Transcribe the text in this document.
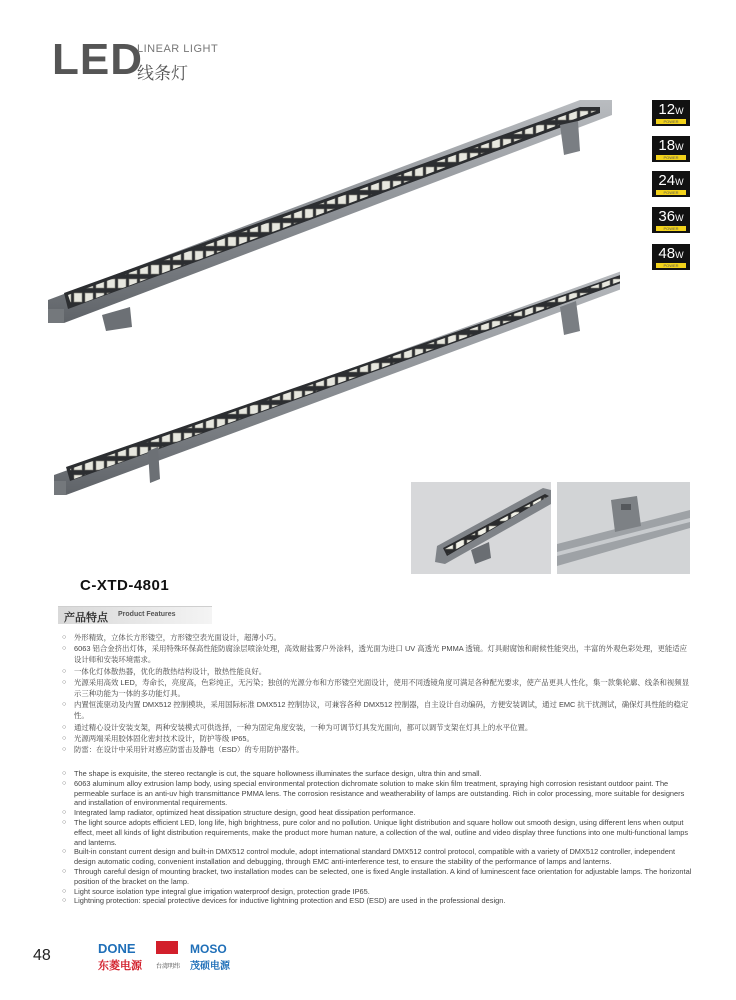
LED
LINEAR LIGHT
线条灯
12W
POWER
18W
POWER
24W
POWER
36W
POWER
48W
POWER
C-XTD-4801
产品特点 Product Features
○ 外形精致，立体长方形镂空，方形镂空表光面设计，超薄小巧。
○ 6063 铝合金挤出灯体，采用特殊环保高性能防腐涂层喷涂处理，高效耐盐雾户外涂料，透光面为进口 UV 高透光 PMMA 透镜。灯具耐腐蚀和耐候性能突出，丰富的外观色彩处理，更能适应设计师和安装环境需求。
○ 一体化灯体散热器，优化的散热结构设计，散热性能良好。
○ 光源采用高效 LED，寿命长，亮度高，色彩纯正，无污染；独创的光源分布和方形镂空光面设计，使用不同透镜角度可满足各种配光要求，使产品更具人性化，集一款集轮廓、线条和视频显示三种功能为一体的多功能灯具。
○ 内置恒流驱动及内置 DMX512 控制模块，采用国际标准 DMX512 控制协议，可兼容各种 DMX512 控制器，自主设计自动编码，方便安装调试，通过 EMC 抗干扰测试，确保灯具性能的稳定性。
○ 通过精心设计安装支架，两种安装模式可供选择，一种为固定角度安装，一种为可调节灯具发光面向，都可以调节支架在灯具上的水平位置。
○ 光源两端采用胶体固化密封技术设计，防护等级 IP65。
○ 防雷：在设计中采用针对感应防雷击及静电（ESD）的专用防护器件。
○ The shape is exquisite, the stereo rectangle is cut, the square hollowness illuminates the surface design, ultra thin and small.
○ 6063 aluminum alloy extrusion lamp body, using special environmental protection dichromate solution to make skin film treatment, spraying high corrosion resistant outdoor paint. The permeable surface is an anti-uv high transmittance PMMA lens. The corrosion resistance and weatherability of lamps are outstanding. Rich in color processing, more suitable for designers and installation of environmental requirements.
○ Integrated lamp radiator, optimized heat dissipation structure design, good heat dissipation performance.
○ The light source adopts efficient LED, long life, high brightness, pure color and no pollution. Unique light distribution and square hollow out smooth design, using different lens when output effect, meet all kinds of light distribution requirements, make the product more human nature, a collection of the wal, outline and video display three functions into one multi-functional lamps and lanterns.
○ Built-in constant current design and built-in DMX512 control module, adopt international standard DMX512 control protocol, compatible with a variety of DMX512 controller, independent design automatic coding, convenient installation and debugging, through EMC anti-interference test, to ensure the stability of the performance of lamps and lanterns.
○ Through careful design of mounting bracket, two installation modes can be selected, one is fixed Angle installation. A kind of luminescent face orientation for adjustable lamps. The horizontal position of the bracket on the lamp.
○ Light source isolation type integral glue irrigation waterproof design, protection grade IP65.
○ Lightning protection: special protective devices for inductive lightning protection and ESD (ESD) are used in the professional design.
48	DONE
东菱电源 台湾明纬
MOSO
茂硕电源
